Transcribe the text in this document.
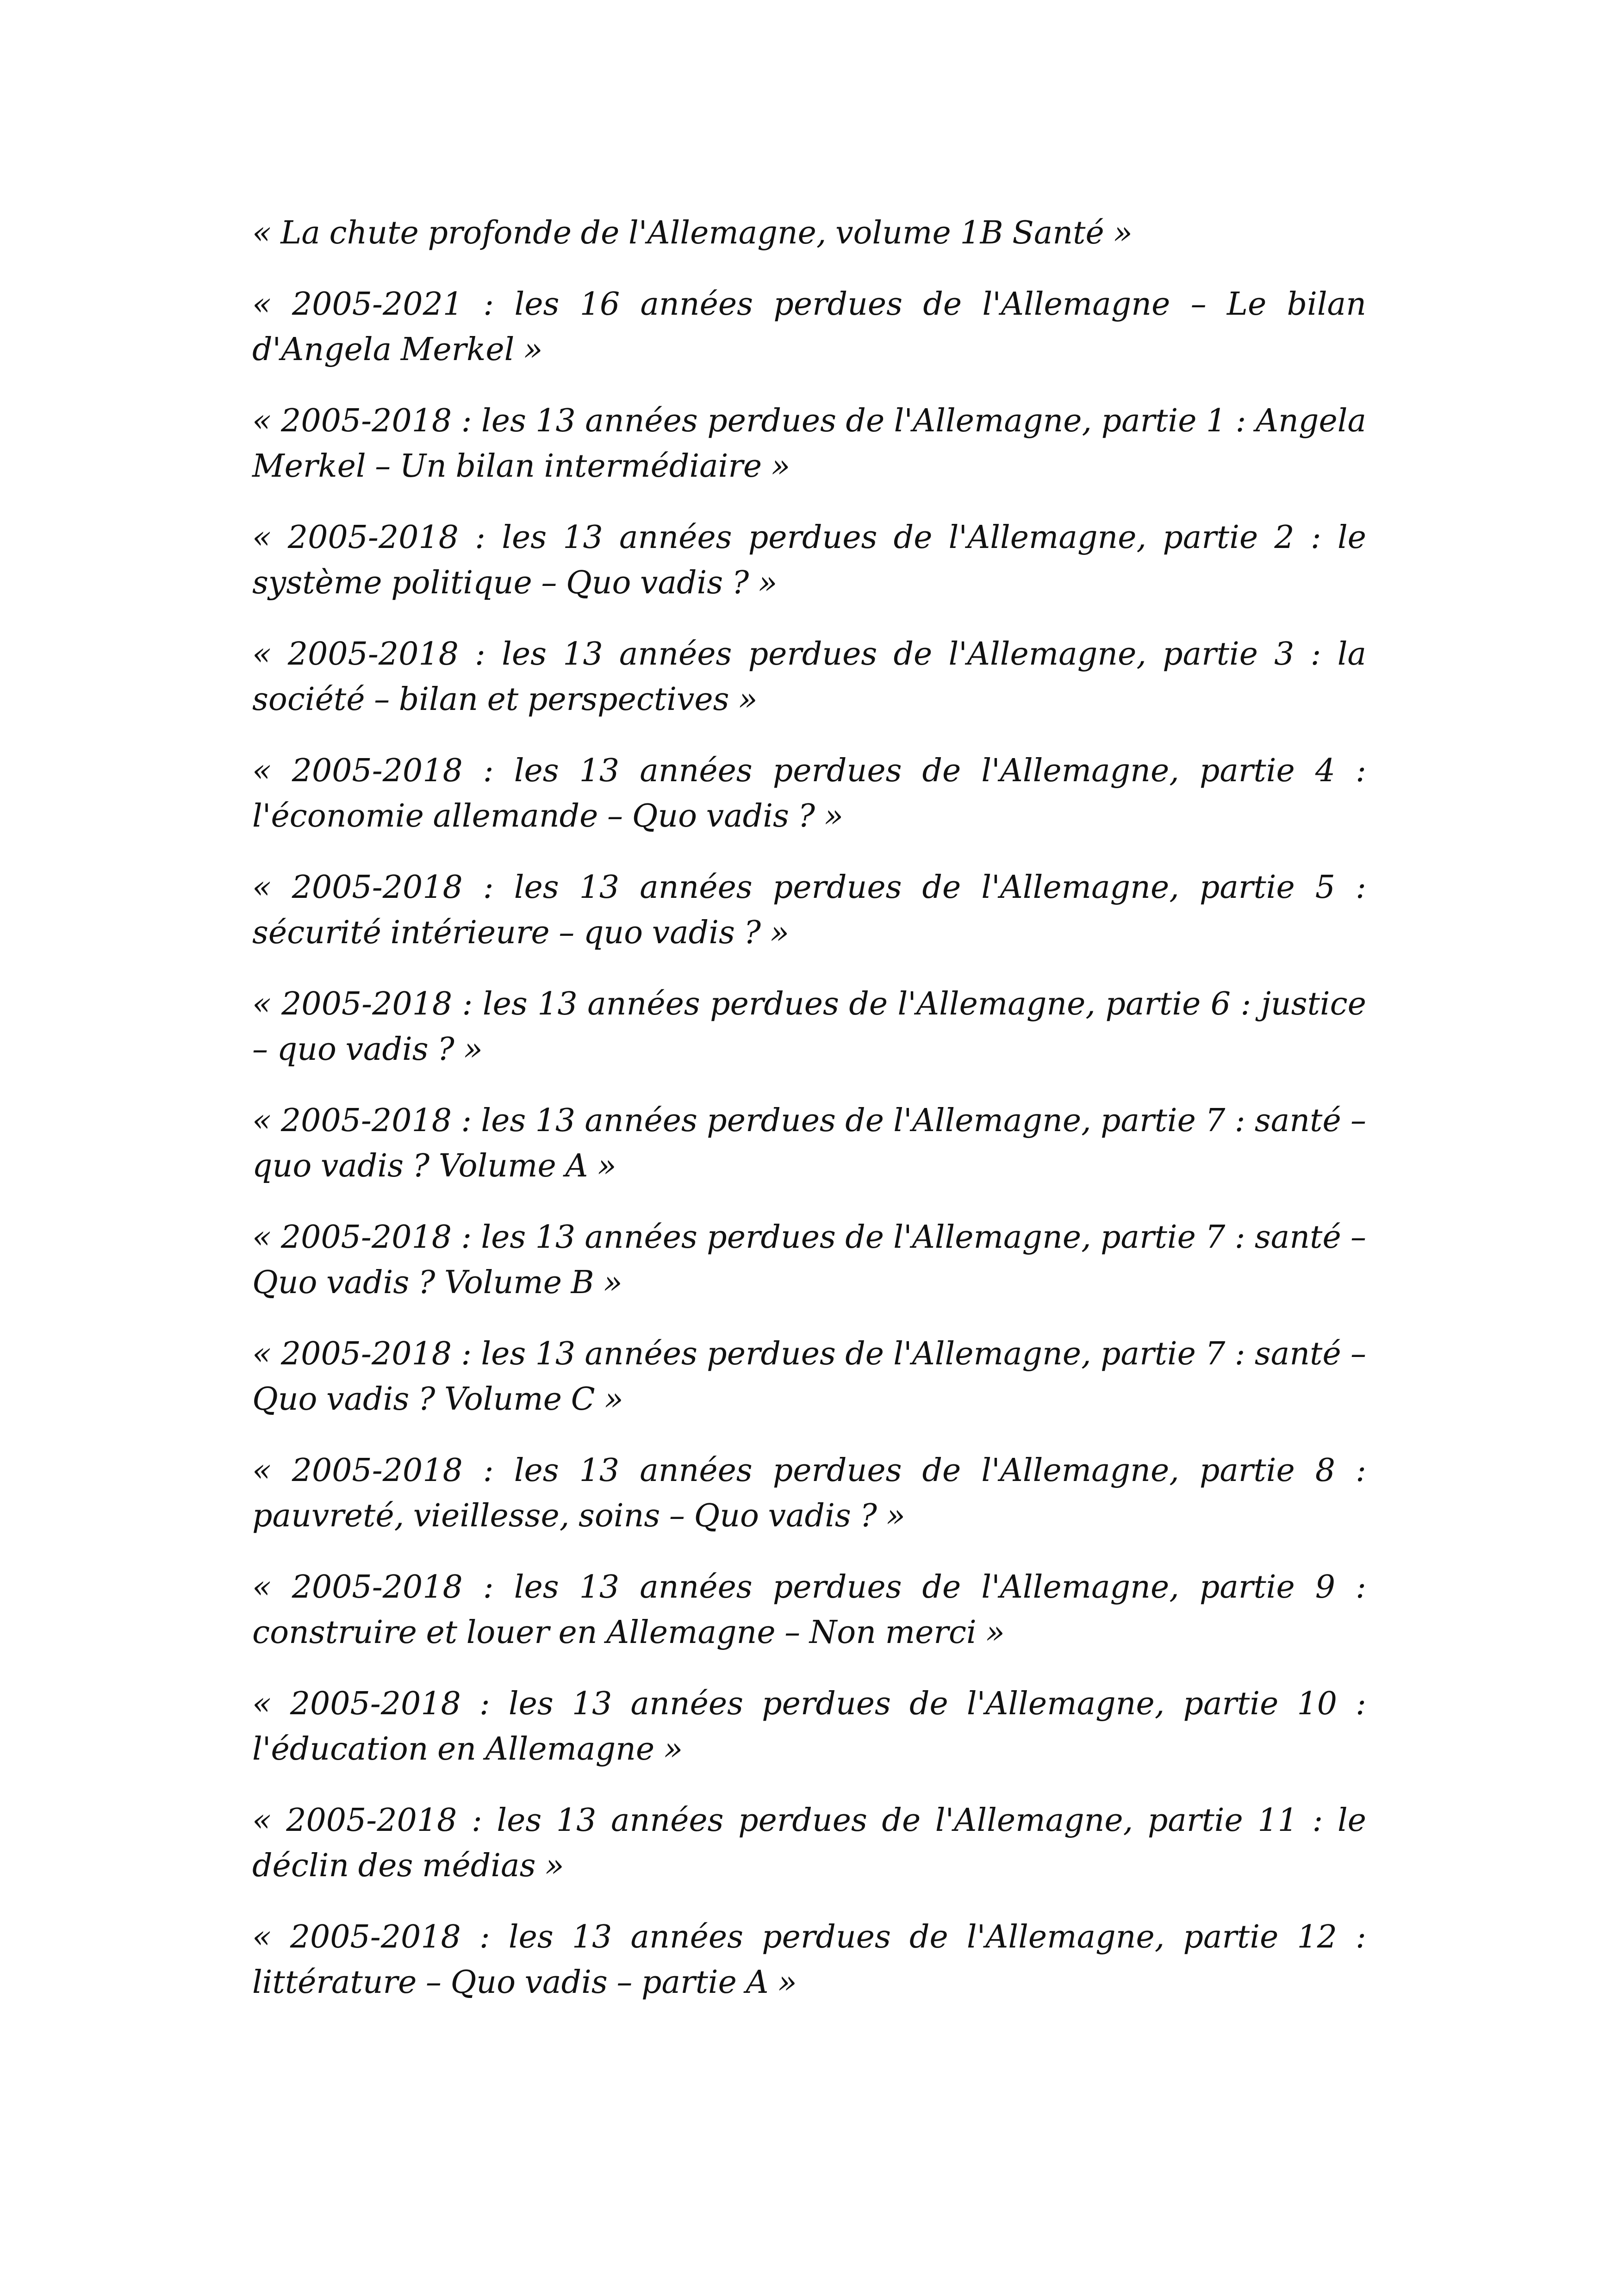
« La chute profonde de l'Allemagne, volume 1B Santé »
« 2005-2021 : les 16 années perdues de l'Allemagne – Le bilan d'Angela Merkel »
« 2005-2018 : les 13 années perdues de l'Allemagne, partie 1 : Angela Merkel – Un bilan intermédiaire »
« 2005-2018 : les 13 années perdues de l'Allemagne, partie 2 : le système politique – Quo vadis ? »
« 2005-2018 : les 13 années perdues de l'Allemagne, partie 3 : la société – bilan et perspectives »
« 2005-2018 : les 13 années perdues de l'Allemagne, partie 4 : l'économie allemande – Quo vadis ? »
« 2005-2018 : les 13 années perdues de l'Allemagne, partie 5 : sécurité intérieure – quo vadis ? »
« 2005-2018 : les 13 années perdues de l'Allemagne, partie 6 : justice – quo vadis ? »
« 2005-2018 : les 13 années perdues de l'Allemagne, partie 7 : santé – quo vadis ? Volume A »
« 2005-2018 : les 13 années perdues de l'Allemagne, partie 7 : santé – Quo vadis ? Volume B »
« 2005-2018 : les 13 années perdues de l'Allemagne, partie 7 : santé – Quo vadis ? Volume C »
« 2005-2018 : les 13 années perdues de l'Allemagne, partie 8 : pauvreté, vieillesse, soins – Quo vadis ? »
« 2005-2018 : les 13 années perdues de l'Allemagne, partie 9 : construire et louer en Allemagne – Non merci »
« 2005-2018 : les 13 années perdues de l'Allemagne, partie 10 : l'éducation en Allemagne »
« 2005-2018 : les 13 années perdues de l'Allemagne, partie 11 : le déclin des médias »
« 2005-2018 : les 13 années perdues de l'Allemagne, partie 12 : littérature – Quo vadis – partie A »
